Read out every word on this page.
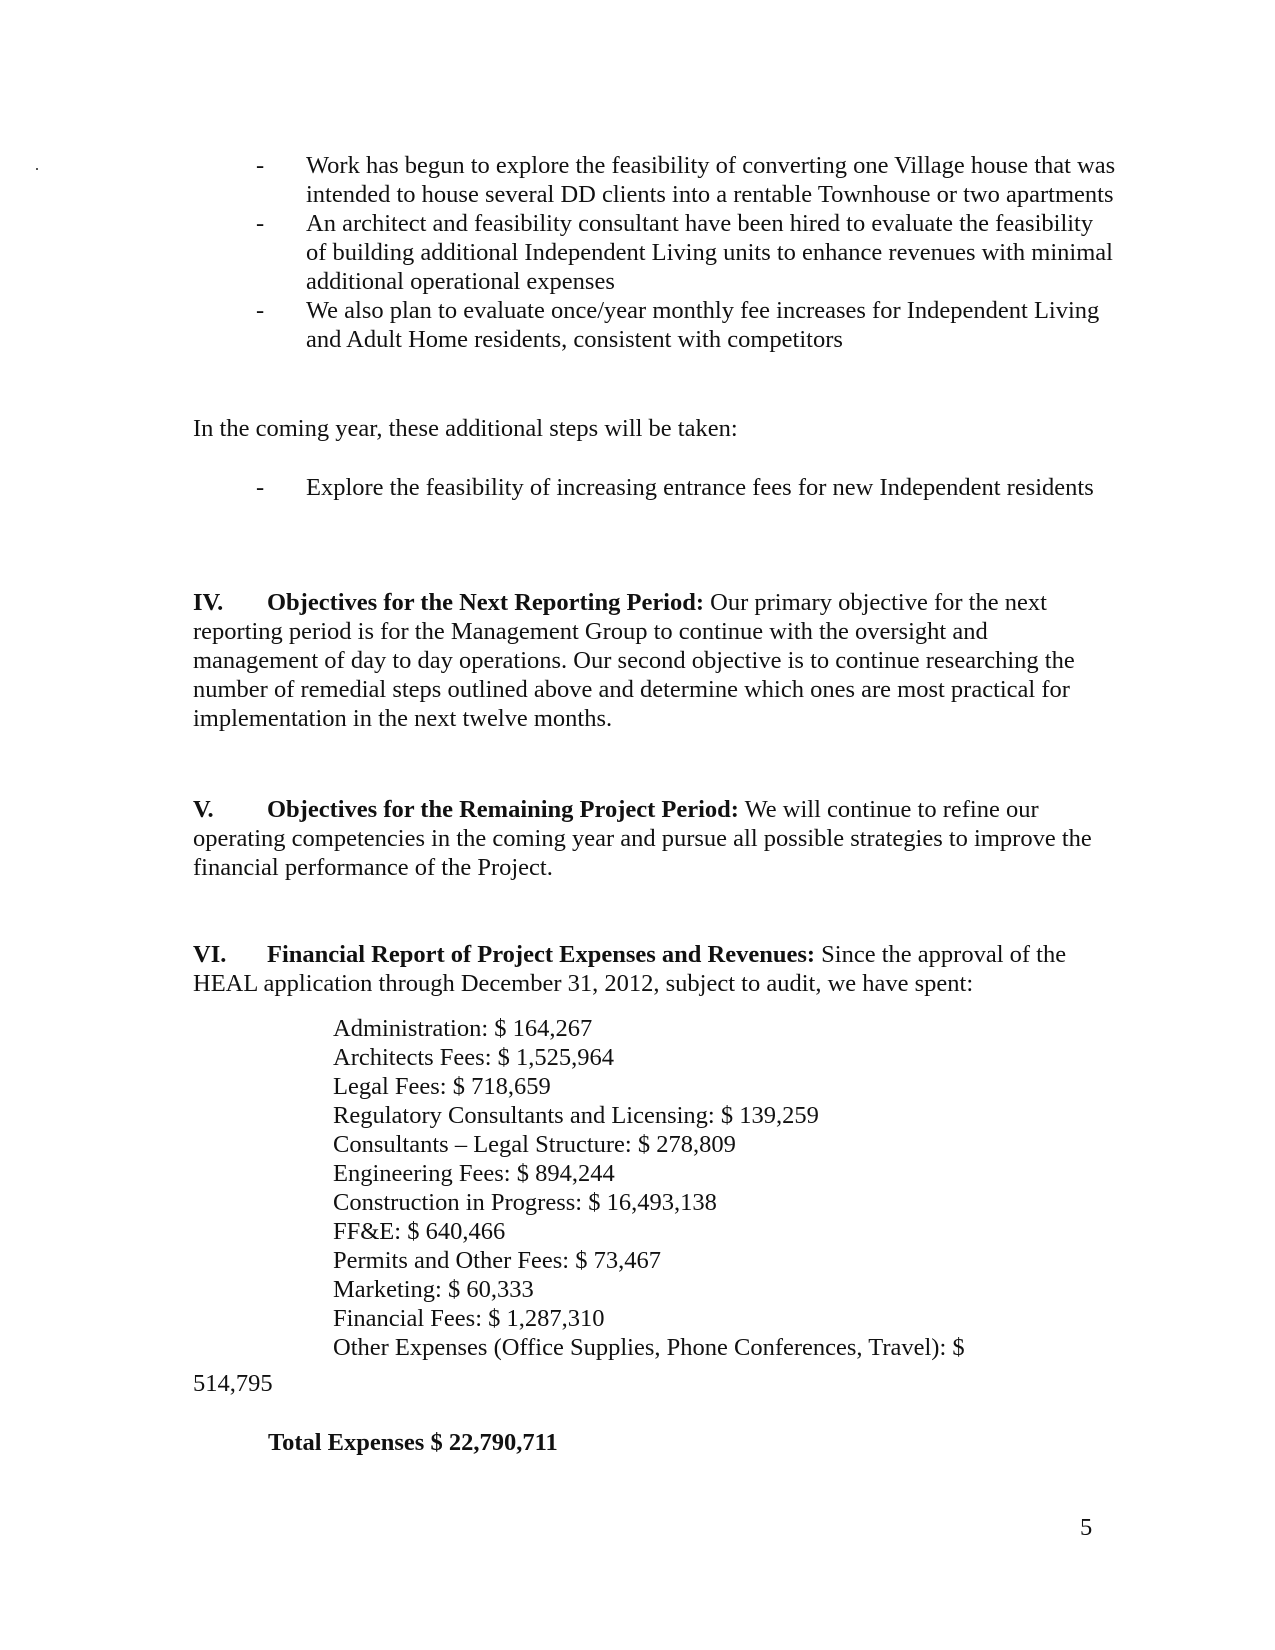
- Work has begun to explore the feasibility of converting one Village house that was intended to house several DD clients into a rentable Townhouse or two apartments
- An architect and feasibility consultant have been hired to evaluate the feasibility of building additional Independent Living units to enhance revenues with minimal additional operational expenses
- We also plan to evaluate once/year monthly fee increases for Independent Living and Adult Home residents, consistent with competitors

In the coming year, these additional steps will be taken:

- Explore the feasibility of increasing entrance fees for new Independent residents

IV. Objectives for the Next Reporting Period: Our primary objective for the next reporting period is for the Management Group to continue with the oversight and management of day to day operations. Our second objective is to continue researching the number of remedial steps outlined above and determine which ones are most practical for implementation in the next twelve months.

V. Objectives for the Remaining Project Period: We will continue to refine our operating competencies in the coming year and pursue all possible strategies to improve the financial performance of the Project.

VI. Financial Report of Project Expenses and Revenues: Since the approval of the HEAL application through December 31, 2012, subject to audit, we have spent:

Administration: $ 164,267
Architects Fees: $ 1,525,964
Legal Fees: $ 718,659
Regulatory Consultants and Licensing: $ 139,259
Consultants – Legal Structure: $ 278,809
Engineering Fees: $ 894,244
Construction in Progress: $ 16,493,138
FF&E: $ 640,466
Permits and Other Fees: $ 73,467
Marketing: $ 60,333
Financial Fees: $ 1,287,310
Other Expenses (Office Supplies, Phone Conferences, Travel): $
514,795
Total Expenses $ 22,790,711
5
